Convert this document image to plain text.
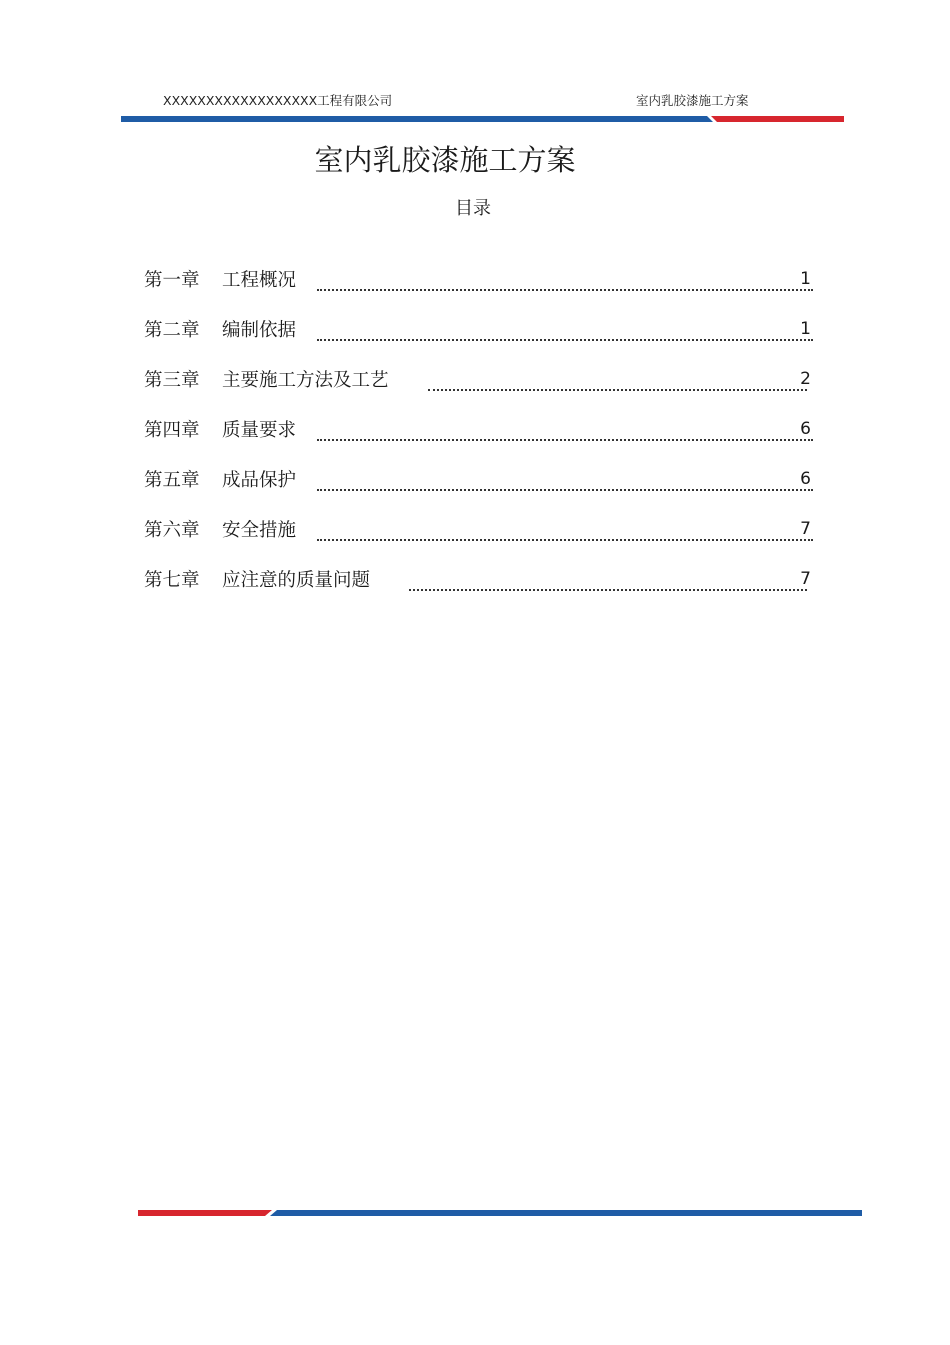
XXXXXXXXXXXXXXXXXX工程有限公司	室内乳胶漆施工方案
室内乳胶漆施工方案
目录
第一章 工程概况	1
第二章 编制依据	1
第三章 主要施工方法及工艺	2
第四章 质量要求	6
第五章 成品保护	6
第六章 安全措施	7
第七章 应注意的质量问题	7
